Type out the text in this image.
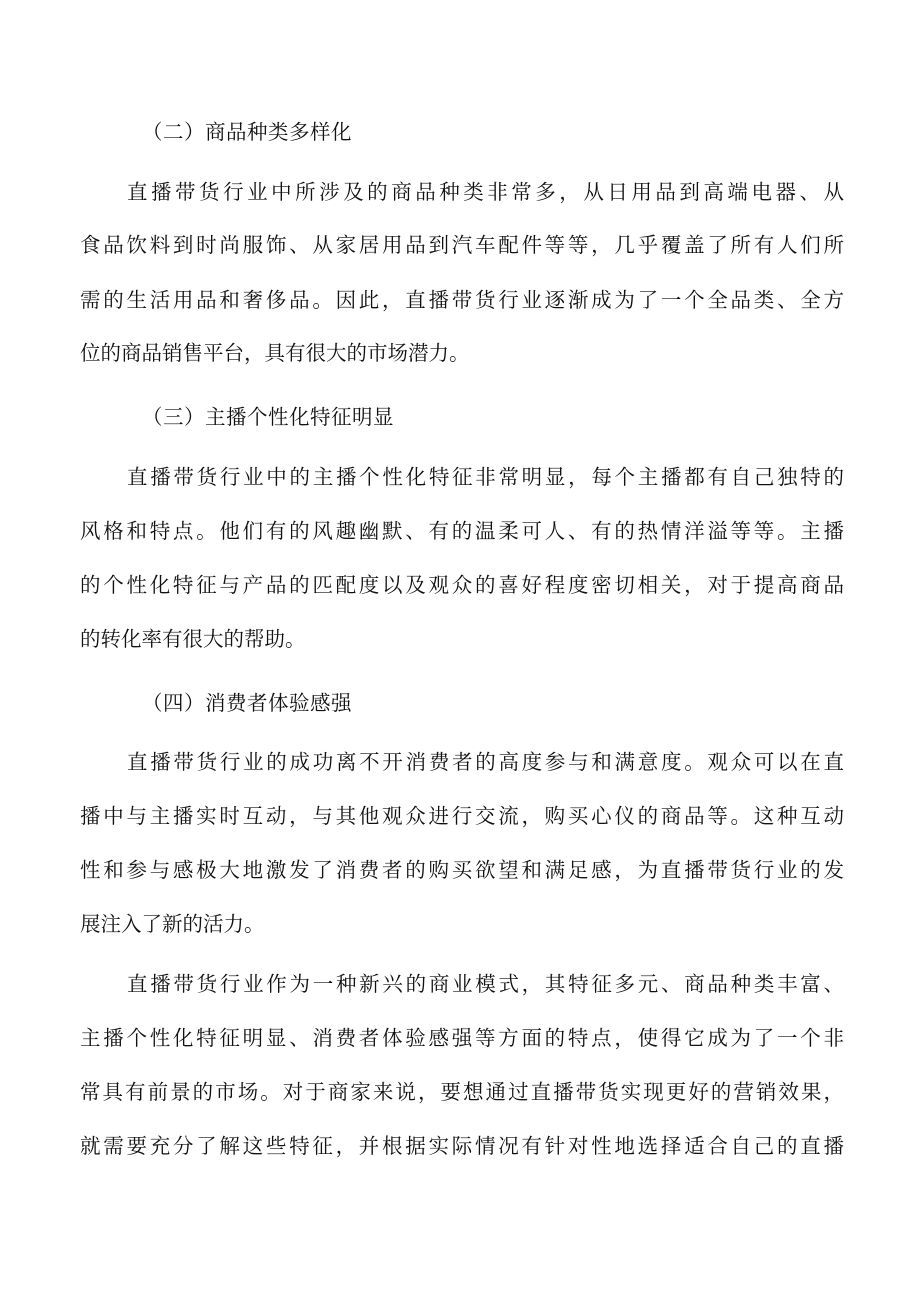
（二）商品种类多样化
直播带货行业中所涉及的商品种类非常多，从日用品到高端电器、从
食品饮料到时尚服饰、从家居用品到汽车配件等等，几乎覆盖了所有人们所
需的生活用品和奢侈品。因此，直播带货行业逐渐成为了一个全品类、全方
位的商品销售平台，具有很大的市场潜力。
（三）主播个性化特征明显
直播带货行业中的主播个性化特征非常明显，每个主播都有自己独特的
风格和特点。他们有的风趣幽默、有的温柔可人、有的热情洋溢等等。主播
的个性化特征与产品的匹配度以及观众的喜好程度密切相关，对于提高商品
的转化率有很大的帮助。
（四）消费者体验感强
直播带货行业的成功离不开消费者的高度参与和满意度。观众可以在直
播中与主播实时互动，与其他观众进行交流，购买心仪的商品等。这种互动
性和参与感极大地激发了消费者的购买欲望和满足感，为直播带货行业的发
展注入了新的活力。
直播带货行业作为一种新兴的商业模式，其特征多元、商品种类丰富、
主播个性化特征明显、消费者体验感强等方面的特点，使得它成为了一个非
常具有前景的市场。对于商家来说，要想通过直播带货实现更好的营销效果，
就需要充分了解这些特征，并根据实际情况有针对性地选择适合自己的直播
